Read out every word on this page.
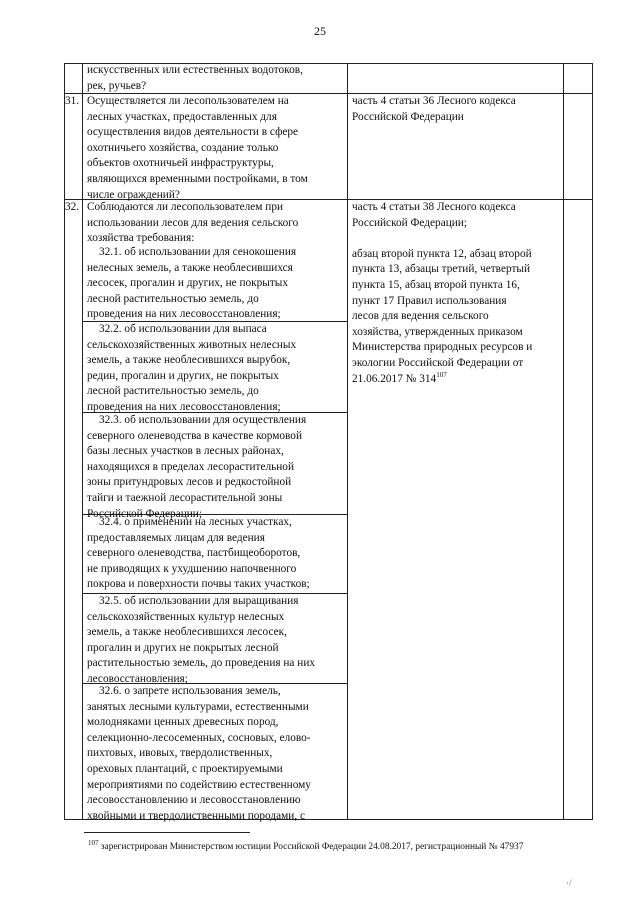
25
искусственных или естественных водотоков,
рек, ручьев?
31. Осуществляется ли лесопользователем на
лесных участках, предоставленных для
осуществления видов деятельности в сфере
охотничьего хозяйства, создание только
объектов охотничьей инфраструктуры,
являющихся временными постройками, в том
числе ограждений?
часть 4 статьи 36 Лесного кодекса
Российской Федерации
32. Соблюдаются ли лесопользователем при
использовании лесов для ведения сельского
хозяйства требования:
часть 4 статьи 38 Лесного кодекса
Российской Федерации;

абзац второй пункта 12, абзац второй
пункта 13, абзацы третий, четвертый
пункта 15, абзац второй пункта 16,
пункт 17 Правил использования
лесов для ведения сельского
хозяйства, утвержденных приказом
Министерства природных ресурсов и
экологии Российской Федерации от
21.06.2017 № $314^{107}$
32.1. об использовании для сенокошения
нелесных земель, а также необлесившихся
лесосек, прогалин и других, не покрытых
лесной растительностью земель, до
проведения на них лесовосстановления;
32.2. об использовании для выпаса
сельскохозяйственных животных нелесных
земель, а также необлесившихся вырубок,
редин, прогалин и других, не покрытых
лесной растительностью земель, до
проведения на них лесовосстановления;
32.3. об использовании для осуществления
северного оленеводства в качестве кормовой
базы лесных участков в лесных районах,
находящихся в пределах лесорастительной
зоны притундровых лесов и редкостойной
тайги и таежной лесорастительной зоны
Российской Федерации;
32.4. о применении на лесных участках,
предоставляемых лицам для ведения
северного оленеводства, пастбищеоборотов,
не приводящих к ухудшению напочвенного
покрова и поверхности почвы таких участков;
32.5. об использовании для выращивания
сельскохозяйственных культур нелесных
земель, а также необлесившихся лесосек,
прогалин и других не покрытых лесной
растительностью земель, до проведения на них
лесовосстановления;
32.6. о запрете использования земель,
занятых лесными культурами, естественными
молодняками ценных древесных пород,
селекционно-лесосеменных, сосновых, елово-
пихтовых, ивовых, твердолиственных,
ореховых плантаций, с проектируемыми
мероприятиями по содействию естественному
лесовосстановлению и лесовосстановлению
хвойными и твердолиственными породами, с
$^{107}$ зарегистрирован Министерством юстиции Российской Федерации 24.08.2017, регистрационный № 47937
·/
